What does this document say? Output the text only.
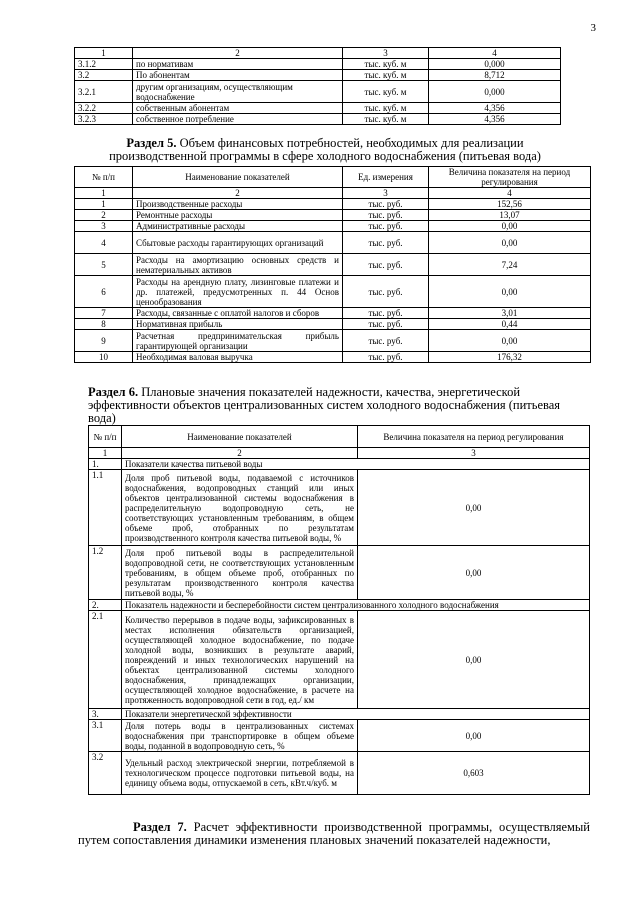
3
1	2	3	4
3.1.2	по нормативам	тыс. куб. м	0,000
3.2	По абонентам	тыс. куб. м	8,712
3.2.1	другим организациям, осуществляющим водоснабжение	тыс. куб. м	0,000
3.2.2	собственным абонентам	тыс. куб. м	4,356
3.2.3	собственное потребление	тыс. куб. м	4,356
Раздел 5. Объем финансовых потребностей, необходимых для реализации производственной программы в сфере холодного водоснабжения (питьевая вода)
№ п/п	Наименование показателей	Ед. измерения	Величина показателя на период регулирования
1	2	3	4
1	Производственные расходы	тыс. руб.	152,56
2	Ремонтные расходы	тыс. руб.	13,07
3	Административные расходы	тыс. руб.	0,00
4	Сбытовые расходы гарантирующих организаций	тыс. руб.	0,00
5	Расходы на амортизацию основных средств и нематериальных активов	тыс. руб.	7,24
6	Расходы на арендную плату, лизинговые платежи и др. платежей, предусмотренных п. 44 Основ ценообразования	тыс. руб.	0,00
7	Расходы, связанные с оплатой налогов и сборов	тыс. руб.	3,01
8	Нормативная прибыль	тыс. руб.	0,44
9	Расчетная предпринимательская прибыль гарантирующей организации	тыс. руб.	0,00
10	Необходимая валовая выручка	тыс. руб.	176,32
Раздел 6. Плановые значения показателей надежности, качества, энергетической эффективности объектов централизованных систем холодного водоснабжения (питьевая вода)
№ п/п	Наименование показателей	Величина показателя на период регулирования
1	2	3
1.	Показатели качества питьевой воды	
1.1	Доля проб питьевой воды, подаваемой с источников водоснабжения, водопроводных станций или иных объектов централизованной системы водоснабжения в распределительную водопроводную сеть, не соответствующих установленным требованиям, в общем объеме проб, отобранных по результатам производственного контроля качества питьевой воды, %	0,00
1.2	Доля проб питьевой воды в распределительной водопроводной сети, не соответствующих установленным требованиям, в общем объеме проб, отобранных по результатам производственного контроля качества питьевой воды, %	0,00
2.	Показатель надежности и бесперебойности систем централизованного холодного водоснабжения	
2.1	Количество перерывов в подаче воды, зафиксированных в местах исполнения обязательств организацией, осуществляющей холодное водоснабжение, по подаче холодной воды, возникших в результате аварий, повреждений и иных технологических нарушений на объектах централизованной системы холодного водоснабжения, принадлежащих организации, осуществляющей холодное водоснабжение, в расчете на протяженность водопроводной сети в год, ед./ км	0,00
3.	Показатели энергетической эффективности	
3.1	Доля потерь воды в централизованных системах водоснабжения при транспортировке в общем объеме воды, поданной в водопроводную сеть, %	0,00
3.2	Удельный расход электрической энергии, потребляемой в технологическом процессе подготовки питьевой воды, на единицу объема воды, отпускаемой в сеть, кВт.ч/куб. м	0,603
Раздел 7. Расчет эффективности производственной программы, осуществляемый путем сопоставления динамики изменения плановых значений показателей надежности,
